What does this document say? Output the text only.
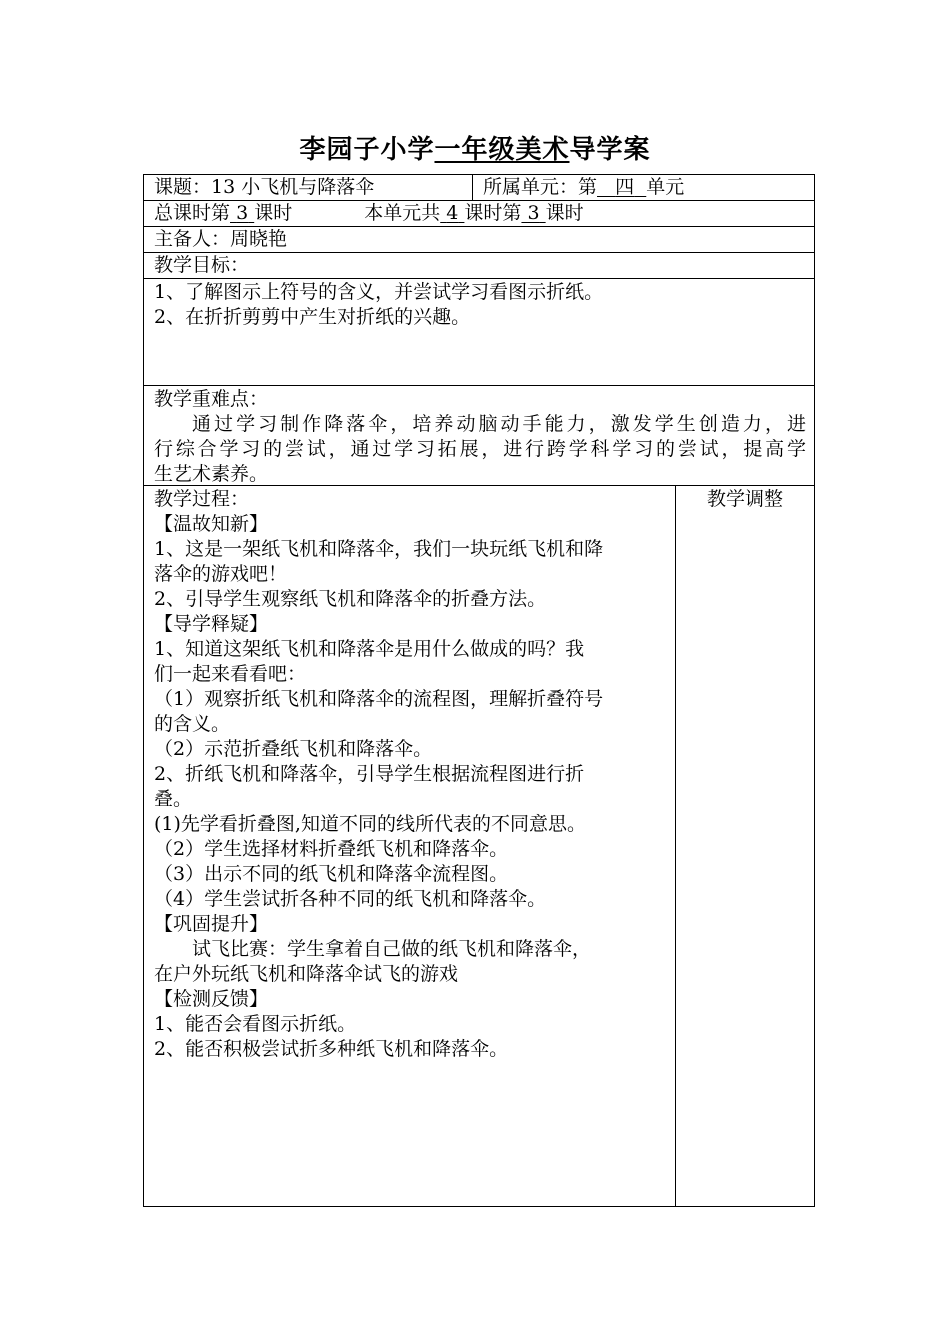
李园子小学一年级美术导学案
课题：13 小飞机与降落伞	所属单元：第 四 单元
总课时第 3 课时	本单元共 4 课时第 3 课时
主备人：周晓艳
教学目标：
1、了解图示上符号的含义，并尝试学习看图示折纸。
2、在折折剪剪中产生对折纸的兴趣。
教学重难点：
通过学习制作降落伞，培养动脑动手能力，激发学生创造力，进
行综合学习的尝试，通过学习拓展，进行跨学科学习的尝试，提高学
生艺术素养。
教学过程：
【温故知新】
1、这是一架纸飞机和降落伞，我们一块玩纸飞机和降
落伞的游戏吧！
2、引导学生观察纸飞机和降落伞的折叠方法。
【导学释疑】
1、知道这架纸飞机和降落伞是用什么做成的吗？我
们一起来看看吧：
（1）观察折纸飞机和降落伞的流程图，理解折叠符号
的含义。
（2）示范折叠纸飞机和降落伞。
2、折纸飞机和降落伞，引导学生根据流程图进行折
叠。
(1)先学看折叠图,知道不同的线所代表的不同意思。
（2）学生选择材料折叠纸飞机和降落伞。
（3）出示不同的纸飞机和降落伞流程图。
（4）学生尝试折各种不同的纸飞机和降落伞。
【巩固提升】
试飞比赛：学生拿着自己做的纸飞机和降落伞，
在户外玩纸飞机和降落伞试飞的游戏
【检测反馈】
1、能否会看图示折纸。
2、能否积极尝试折多种纸飞机和降落伞。
教学调整
